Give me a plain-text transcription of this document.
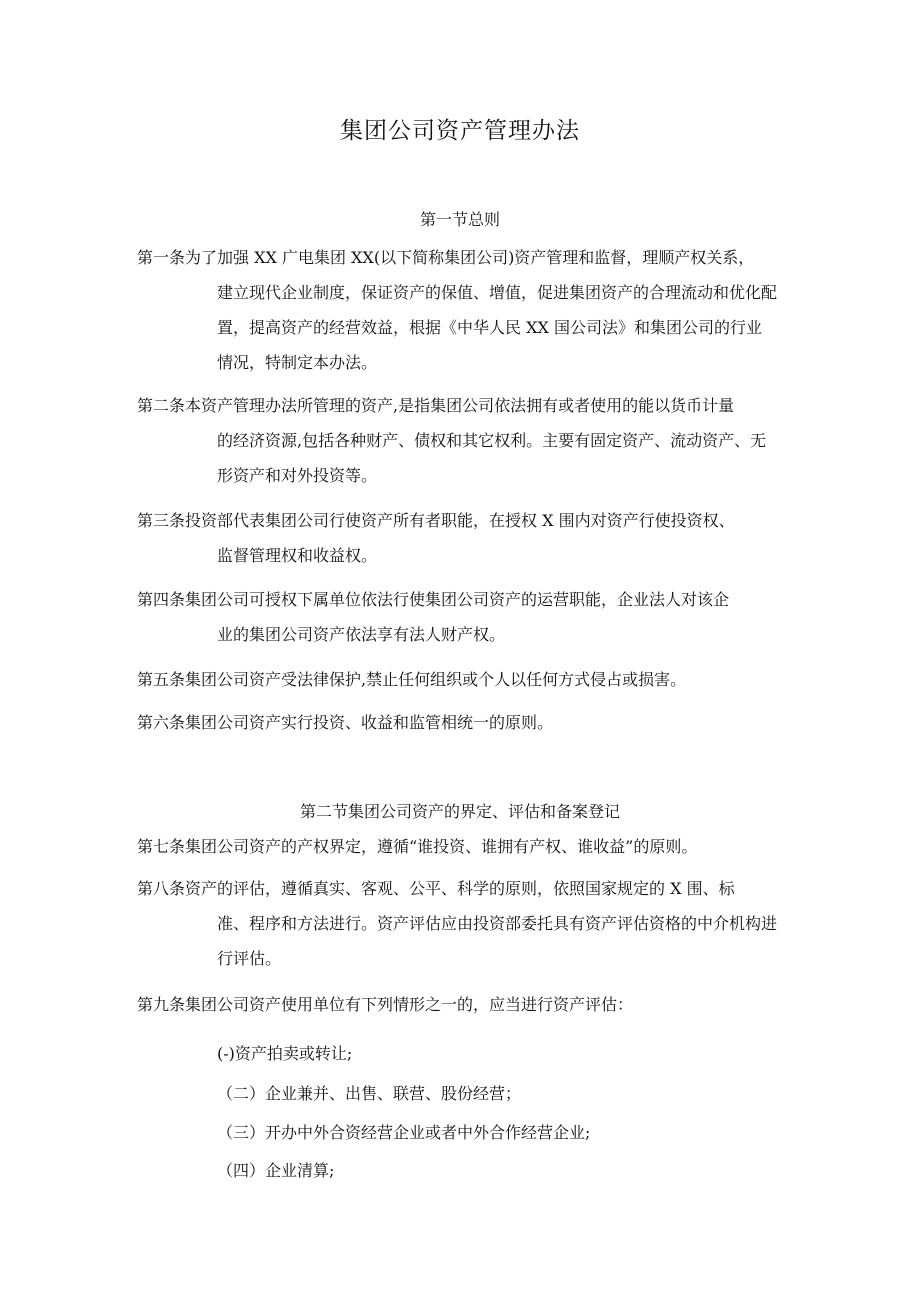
集团公司资产管理办法
第一节总则
第一条为了加强 XX 广电集团 XX(以下简称集团公司)资产管理和监督，理顺产权关系，
建立现代企业制度，保证资产的保值、增值，促进集团资产的合理流动和优化配置，提高资产的经营效益，根据《中华人民 XX 国公司法》和集团公司的行业情况，特制定本办法。
第二条本资产管理办法所管理的资产,是指集团公司依法拥有或者使用的能以货币计量
的经济资源,包括各种财产、债权和其它权利。主要有固定资产、流动资产、无形资产和对外投资等。
第三条投资部代表集团公司行使资产所有者职能，在授权 X 围内对资产行使投资权、
监督管理权和收益权。
第四条集团公司可授权下属单位依法行使集团公司资产的运营职能，企业法人对该企
业的集团公司资产依法享有法人财产权。
第五条集团公司资产受法律保护,禁止任何组织或个人以任何方式侵占或损害。
第六条集团公司资产实行投资、收益和监管相统一的原则。
第二节集团公司资产的界定、评估和备案登记
第七条集团公司资产的产权界定，遵循“谁投资、谁拥有产权、谁收益”的原则。
第八条资产的评估，遵循真实、客观、公平、科学的原则，依照国家规定的 X 围、标
准、程序和方法进行。资产评估应由投资部委托具有资产评估资格的中介机构进行评估。
第九条集团公司资产使用单位有下列情形之一的，应当进行资产评估：
(-)资产拍卖或转让;
（二）企业兼并、出售、联营、股份经营；
（三）开办中外合资经营企业或者中外合作经营企业;
（四）企业清算;
